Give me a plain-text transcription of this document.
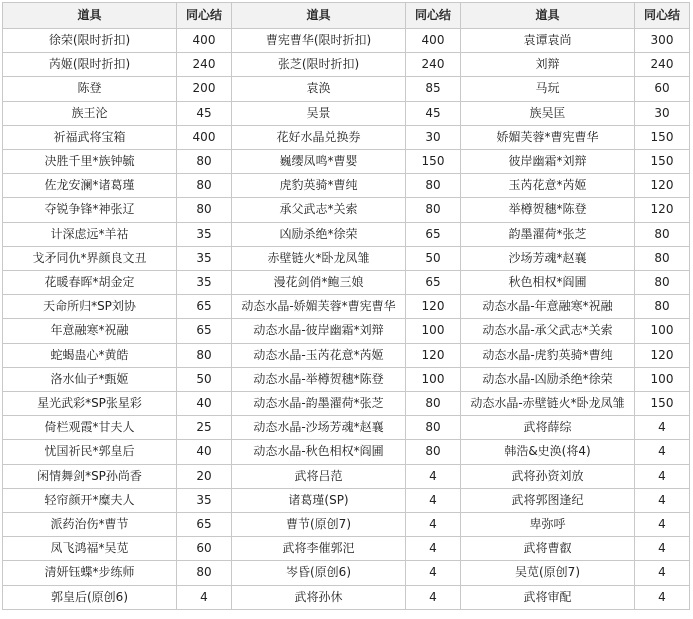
道具	同心结	道具	同心结	道具	同心结
徐荣(限时折扣)	400	曹宪曹华(限时折扣)	400	袁谭袁尚	300
芮姬(限时折扣)	240	张芝(限时折扣)	240	刘辩	240
陈登	200	袁涣	85	马玩	60
族王沦	45	吴景	45	族吴匡	30
祈福武将宝箱	400	花好水晶兑换券	30	娇媚芙蓉*曹宪曹华	150
决胜千里*族钟毓	80	巍缨凤鸣*曹婴	150	彼岸幽霜*刘辩	150
佐龙安澜*诸葛瑾	80	虎豹英骑*曹纯	80	玉芮花意*芮姬	120
夺锐争锋*神张辽	80	承父武志*关索	80	举樽贺穗*陈登	120
计深虑远*羊祜	35	凶励杀绝*徐荣	65	韵墨濯荷*张芝	80
戈矛同仇*界颜良文丑	35	赤壁链火*卧龙凤雏	50	沙场芳魂*赵襄	80
花暖春晖*胡金定	35	漫花剑俏*鲍三娘	65	秋色相权*阎圃	80
天命所归*SP刘协	65	动态水晶-娇媚芙蓉*曹宪曹华	120	动态水晶-年意融寒*祝融	80
年意融寒*祝融	65	动态水晶-彼岸幽霜*刘辩	100	动态水晶-承父武志*关索	100
蛇蝎蛊心*黄皓	80	动态水晶-玉芮花意*芮姬	120	动态水晶-虎豹英骑*曹纯	120
洛水仙子*甄姬	50	动态水晶-举樽贺穗*陈登	100	动态水晶-凶励杀绝*徐荣	100
星光武彩*SP张星彩	40	动态水晶-韵墨濯荷*张芝	80	动态水晶-赤壁链火*卧龙凤雏	150
倚栏观霞*甘夫人	25	动态水晶-沙场芳魂*赵襄	80	武将薛综	4
忧国祈民*郭皇后	40	动态水晶-秋色相权*阎圃	80	韩浩&史涣(将4)	4
闲情舞剑*SP孙尚香	20	武将吕范	4	武将孙资刘放	4
轻帘颜开*糜夫人	35	诸葛瑾(SP)	4	武将郭图逢纪	4
派药治伤*曹节	65	曹节(原创7)	4	卑弥呼	4
凤飞鸿福*吴苋	60	武将李催郭汜	4	武将曹叡	4
清妍钰蝶*步练师	80	岑昏(原创6)	4	吴苋(原创7)	4
郭皇后(原创6)	4	武将孙休	4	武将审配	4
